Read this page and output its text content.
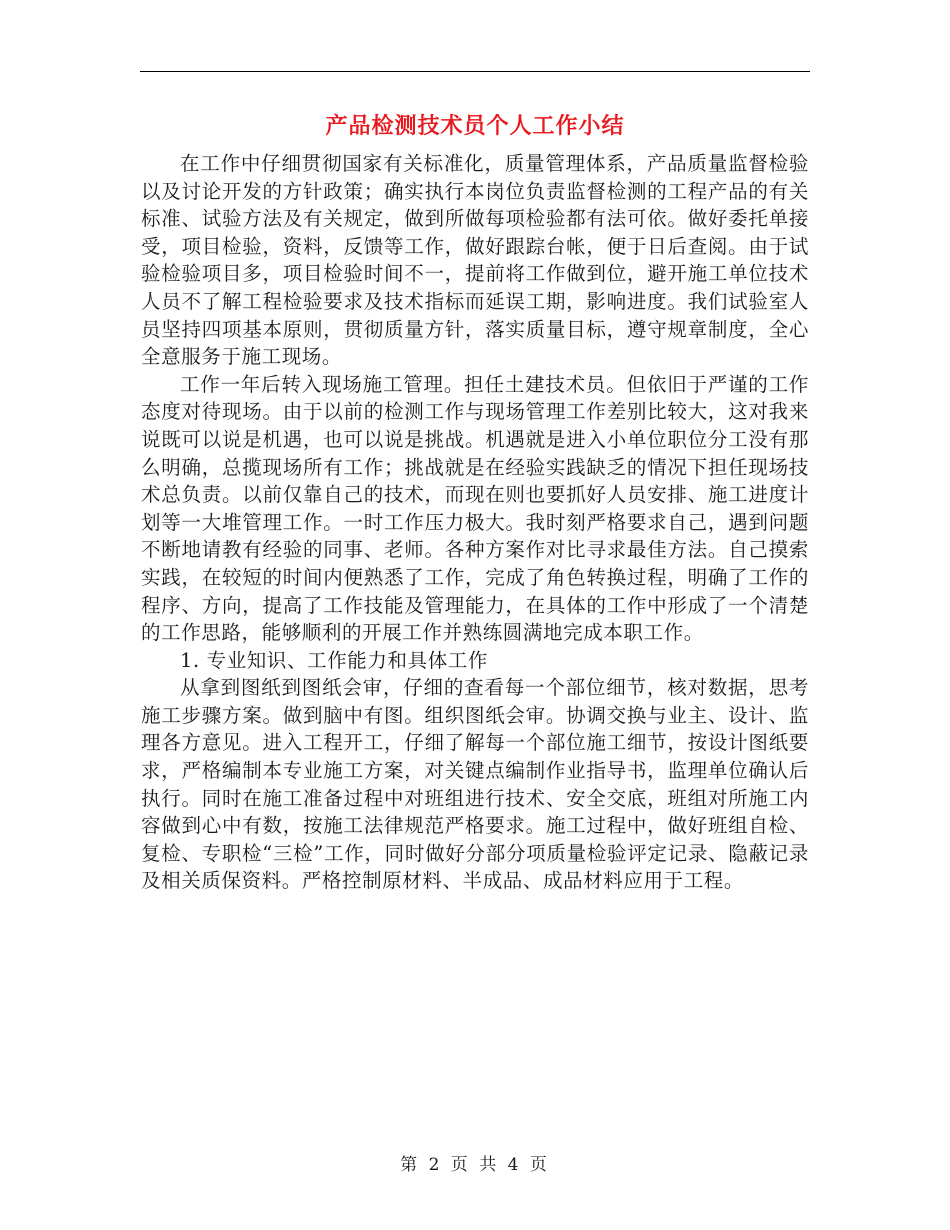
产品检测技术员个人工作小结

在工作中仔细贯彻国家有关标准化，质量管理体系，产品质量监督检验以及讨论开发的方针政策；确实执行本岗位负责监督检测的工程产品的有关标准、试验方法及有关规定，做到所做每项检验都有法可依。做好委托单接受，项目检验，资料，反馈等工作，做好跟踪台帐，便于日后查阅。由于试验检验项目多，项目检验时间不一，提前将工作做到位，避开施工单位技术人员不了解工程检验要求及技术指标而延误工期，影响进度。我们试验室人员坚持四项基本原则，贯彻质量方针，落实质量目标，遵守规章制度，全心全意服务于施工现场。

工作一年后转入现场施工管理。担任土建技术员。但依旧于严谨的工作态度对待现场。由于以前的检测工作与现场管理工作差别比较大，这对我来说既可以说是机遇，也可以说是挑战。机遇就是进入小单位职位分工没有那么明确，总揽现场所有工作；挑战就是在经验实践缺乏的情况下担任现场技术总负责。以前仅靠自己的技术，而现在则也要抓好人员安排、施工进度计划等一大堆管理工作。一时工作压力极大。我时刻严格要求自己，遇到问题不断地请教有经验的同事、老师。各种方案作对比寻求最佳方法。自己摸索实践，在较短的时间内便熟悉了工作，完成了角色转换过程，明确了工作的程序、方向，提高了工作技能及管理能力，在具体的工作中形成了一个清楚的工作思路，能够顺利的开展工作并熟练圆满地完成本职工作。

1. 专业知识、工作能力和具体工作

从拿到图纸到图纸会审，仔细的查看每一个部位细节，核对数据，思考施工步骤方案。做到脑中有图。组织图纸会审。协调交换与业主、设计、监理各方意见。进入工程开工，仔细了解每一个部位施工细节，按设计图纸要求，严格编制本专业施工方案，对关键点编制作业指导书，监理单位确认后执行。同时在施工准备过程中对班组进行技术、安全交底，班组对所施工内容做到心中有数，按施工法律规范严格要求。施工过程中，做好班组自检、复检、专职检“三检”工作，同时做好分部分项质量检验评定记录、隐蔽记录及相关质保资料。严格控制原材料、半成品、成品材料应用于工程。

第 2 页 共 4 页
